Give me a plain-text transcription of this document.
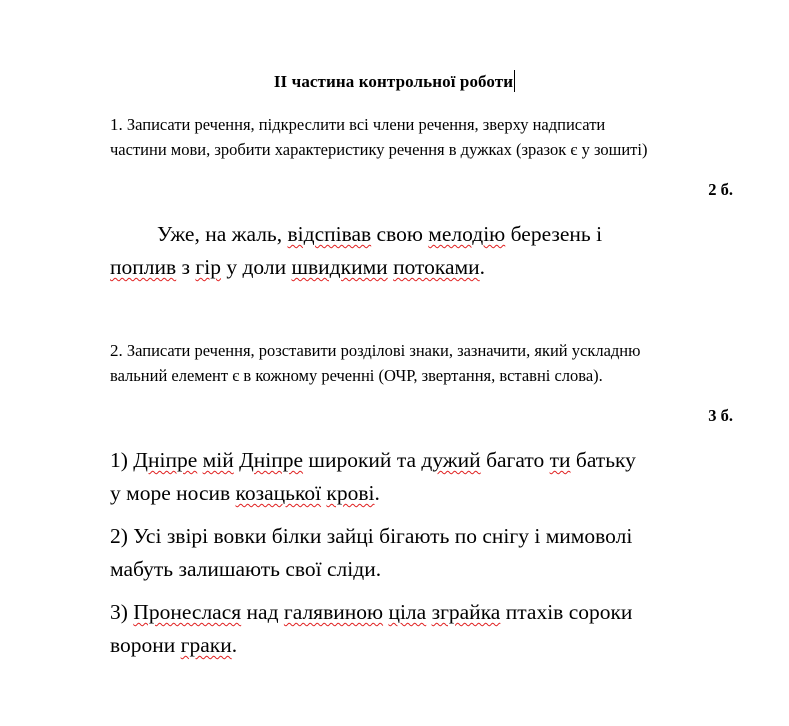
ІІ частина контрольної роботи
1. Записати речення, підкреслити всі члени речення, зверху надписати
частини мови, зробити характеристику речення в дужках (зразок є у зошиті)
2 б.
Уже, на жаль, відспівав свою мелодію березень і
поплив з гір у доли швидкими потоками.
2. Записати речення, розставити розділові знаки, зазначити, який ускладню
вальний елемент є в кожному реченні (ОЧР, звертання, вставні слова).
3 б.
1) Дніпре мій Дніпре широкий та дужий багато ти батьку
у море носив козацької крові.
2) Усі звірі вовки білки зайці бігають по снігу і мимоволі
мабуть залишають свої сліди.
3) Пронеслася над галявиною ціла зграйка птахів сороки
ворони граки.
